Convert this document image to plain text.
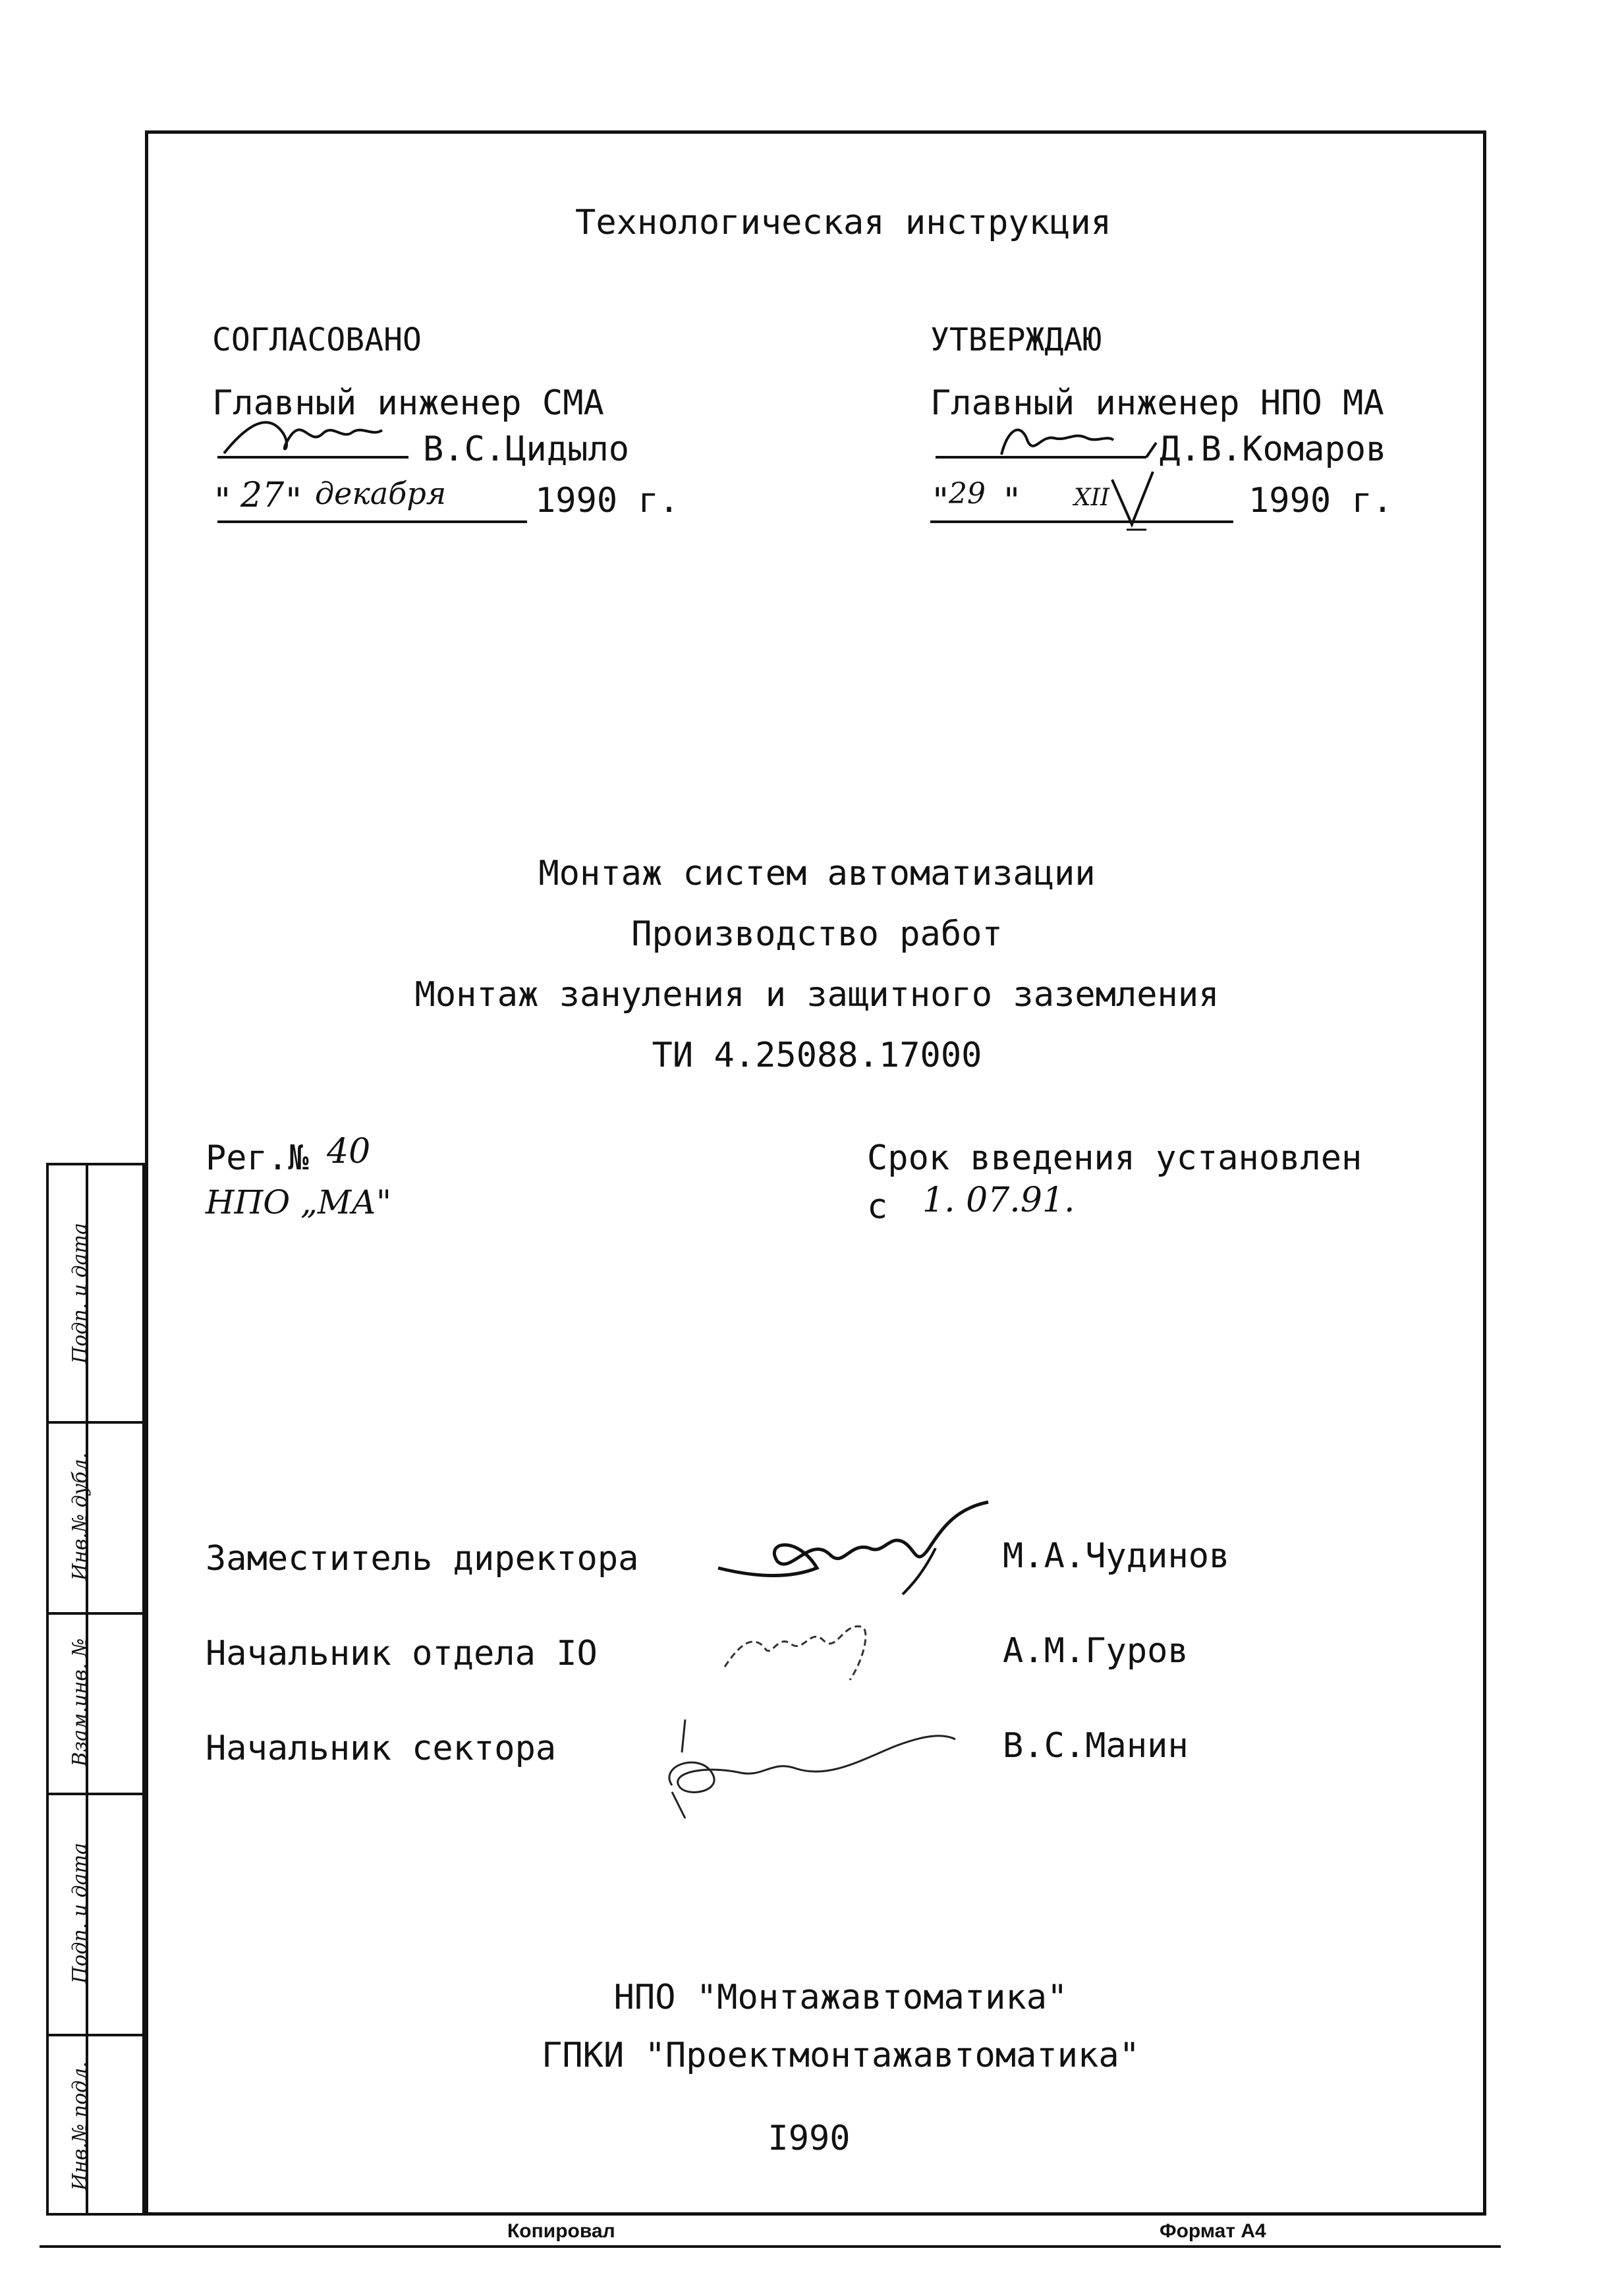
Технологическая инструкция
СОГЛАСОВАНО
Главный инженер СМА
В.С.Цидыло
" 27
" декабря	1990 г.
УТВЕРЖДАЮ
Главный инженер НПО МА
Д.В.Комаров
"
29 " XII	1990 г.
Монтаж систем автоматизации
Производство работ
Монтаж зануления и защитного заземления
ТИ 4.25088.17000
Рег.№ 40
НПО „МА"
Срок введения установлен
с 1. 07.91.
Заместитель директора	М.А.Чудинов
Начальник отдела IO	А.М.Гуров
Начальник сектора	В.С.Манин
НПО "Монтажавтоматика"
ГПКИ "Проектмонтажавтоматика"
I990
Подп. и дата
Инв.№ дубл.
Взам.инв. №
Подп. и дата
Инв.№ подл.
Копировал	Формат А4
